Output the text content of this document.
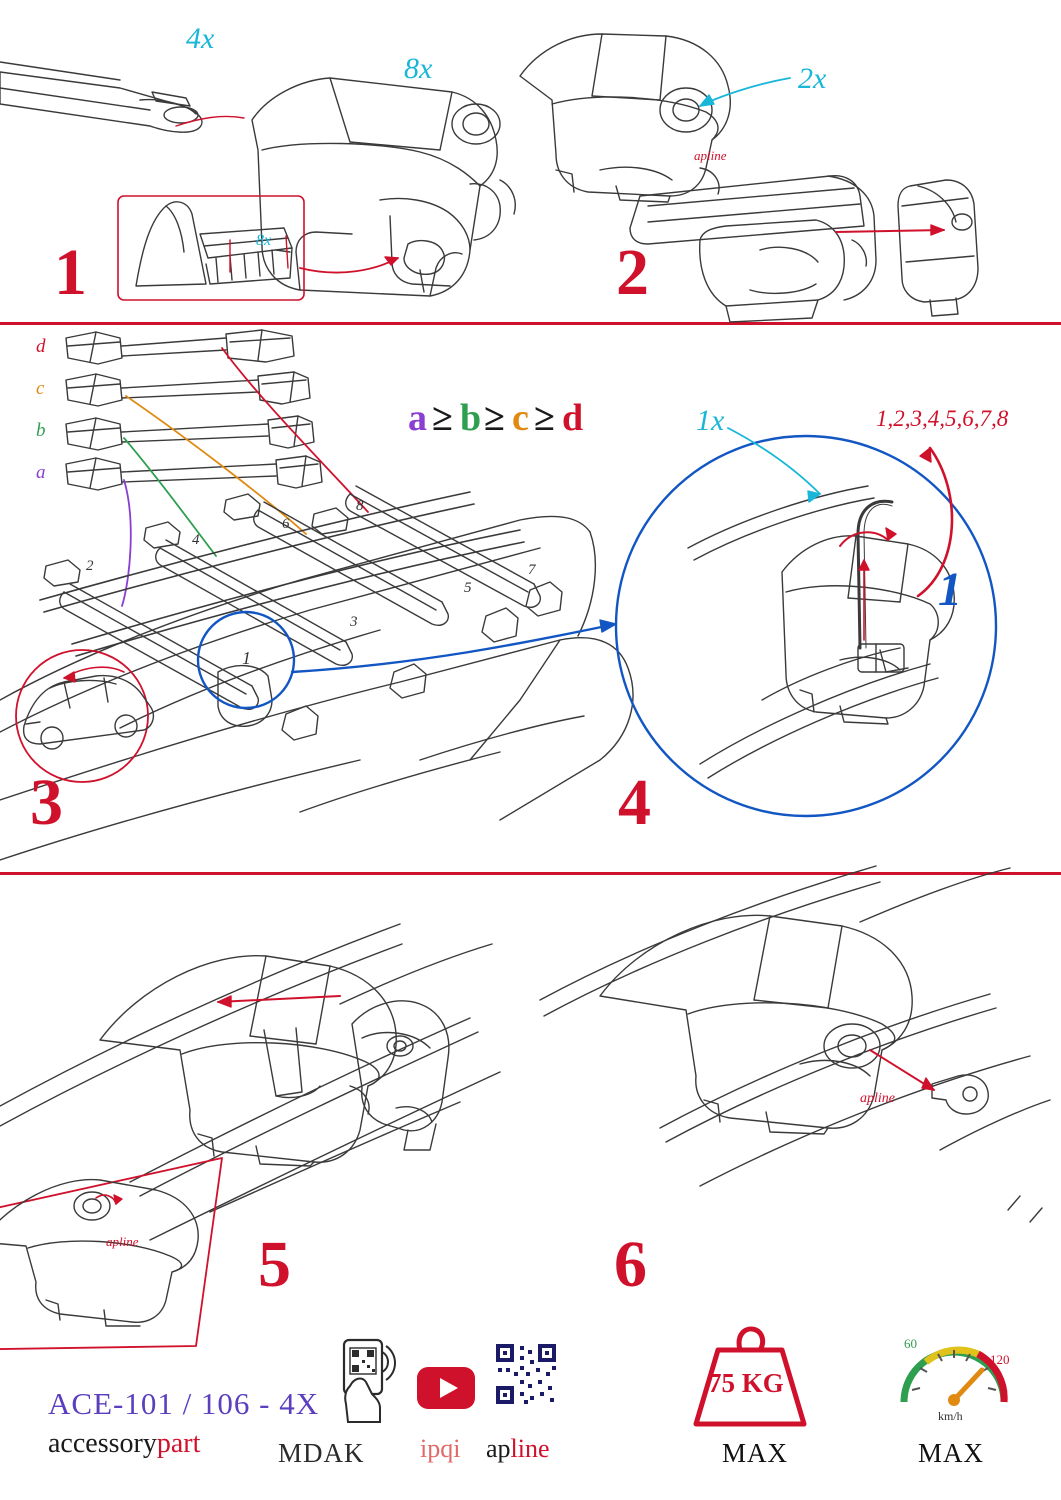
apline
apline
apline
1	2
3	4
5	6
4x
8x
8x
2x
1x
d
c
b
a
a ≥ b ≥ c ≥ d
1
2
3
4
5
6
7
8
1,2,3,4,5,6,7,8
1
ACE-101 / 106 - 4X
accessorypart	MDAK ipqi apline
75 KG
MAX
60
120
km/h
MAX
